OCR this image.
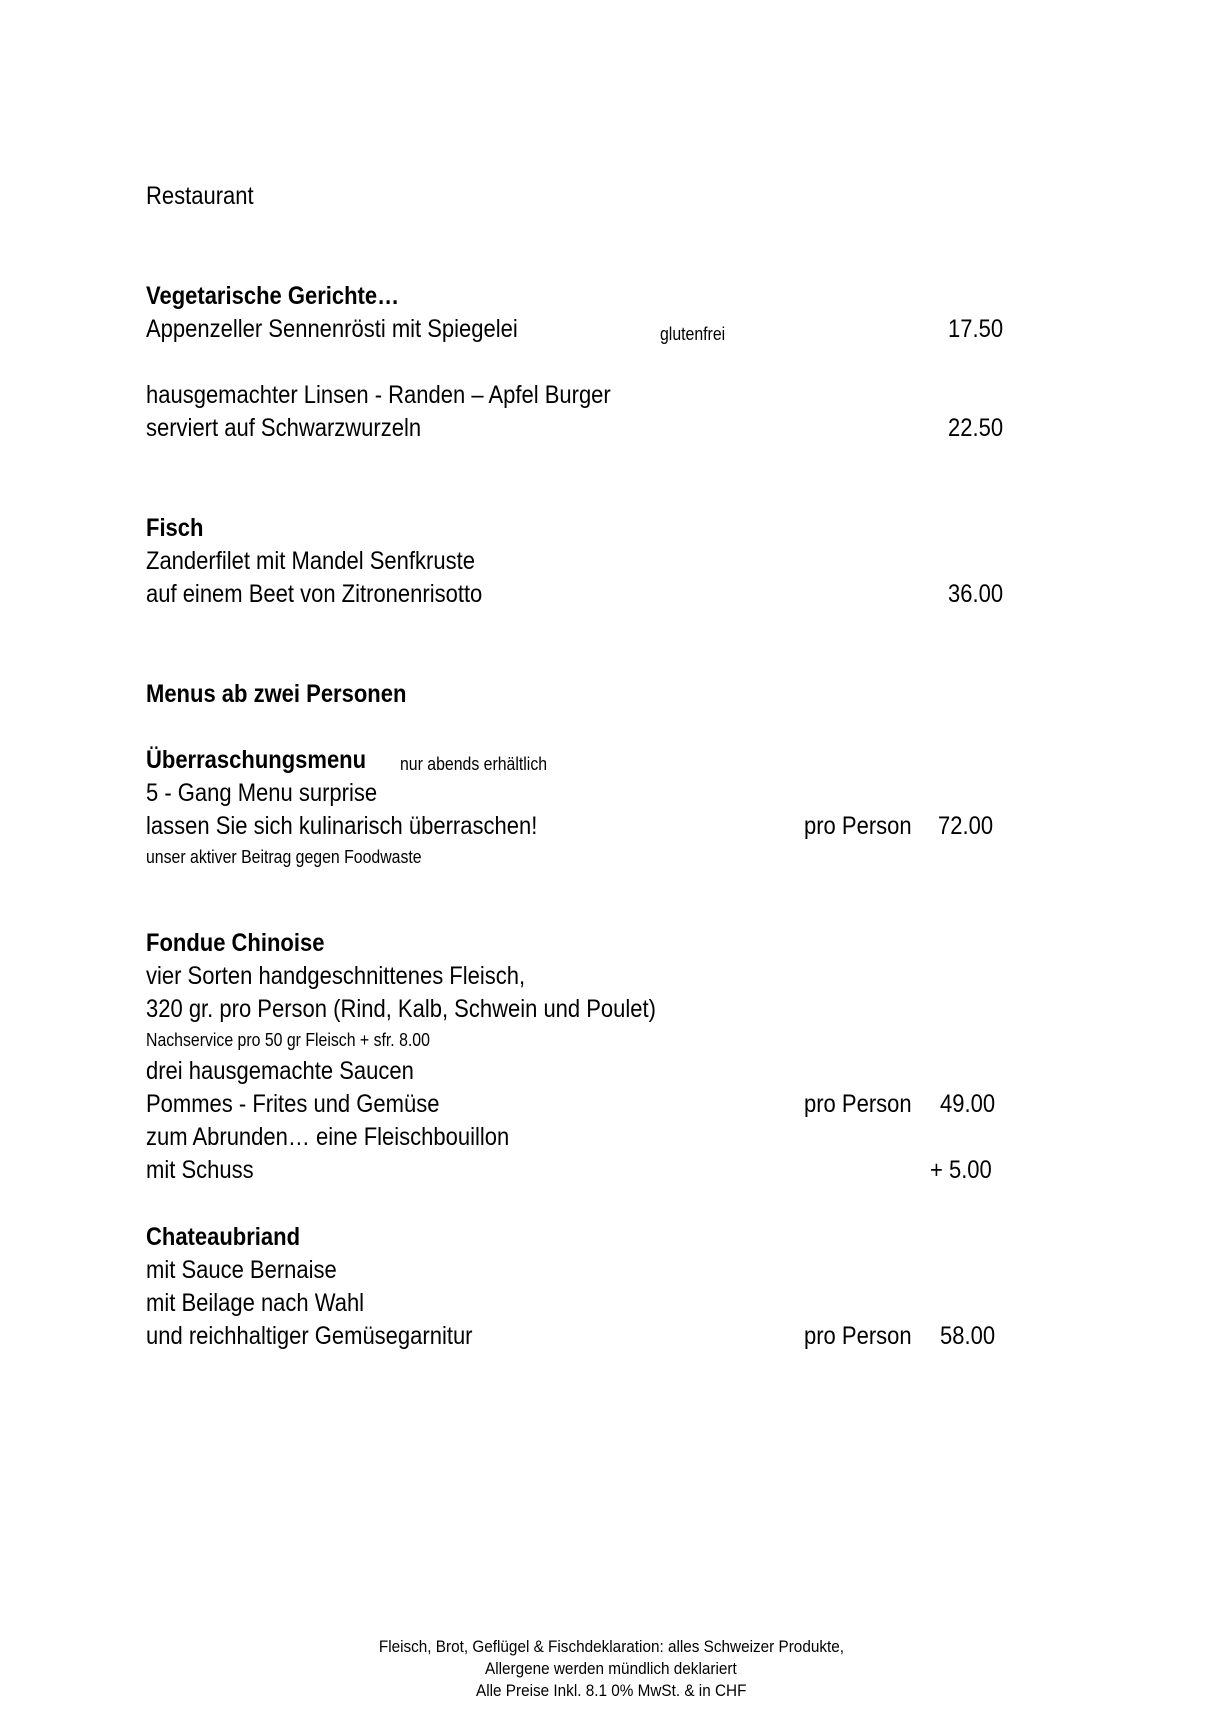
Restaurant
Vegetarische Gerichte…
Appenzeller Sennenrösti mit Spiegelei	glutenfrei	17.50
hausgemachter Linsen - Randen – Apfel Burger
serviert auf Schwarzwurzeln	22.50
Fisch
Zanderfilet mit Mandel Senfkruste
auf einem Beet von Zitronenrisotto	36.00
Menus ab zwei Personen
Überraschungsmenu nur abends erhältlich
5 - Gang Menu surprise
lassen Sie sich kulinarisch überraschen!	pro Person 72.00
unser aktiver Beitrag gegen Foodwaste
Fondue Chinoise
vier Sorten handgeschnittenes Fleisch,
320 gr. pro Person (Rind, Kalb, Schwein und Poulet)
Nachservice pro 50 gr Fleisch + sfr. 8.00
drei hausgemachte Saucen
Pommes - Frites und Gemüse	pro Person 49.00
zum Abrunden… eine Fleischbouillon
mit Schuss	+ 5.00
Chateaubriand
mit Sauce Bernaise
mit Beilage nach Wahl
und reichhaltiger Gemüsegarnitur	pro Person 58.00
Fleisch, Brot, Geflügel & Fischdeklaration: alles Schweizer Produkte,
Allergene werden mündlich deklariert
Alle Preise Inkl. 8.1 0% MwSt. & in CHF
